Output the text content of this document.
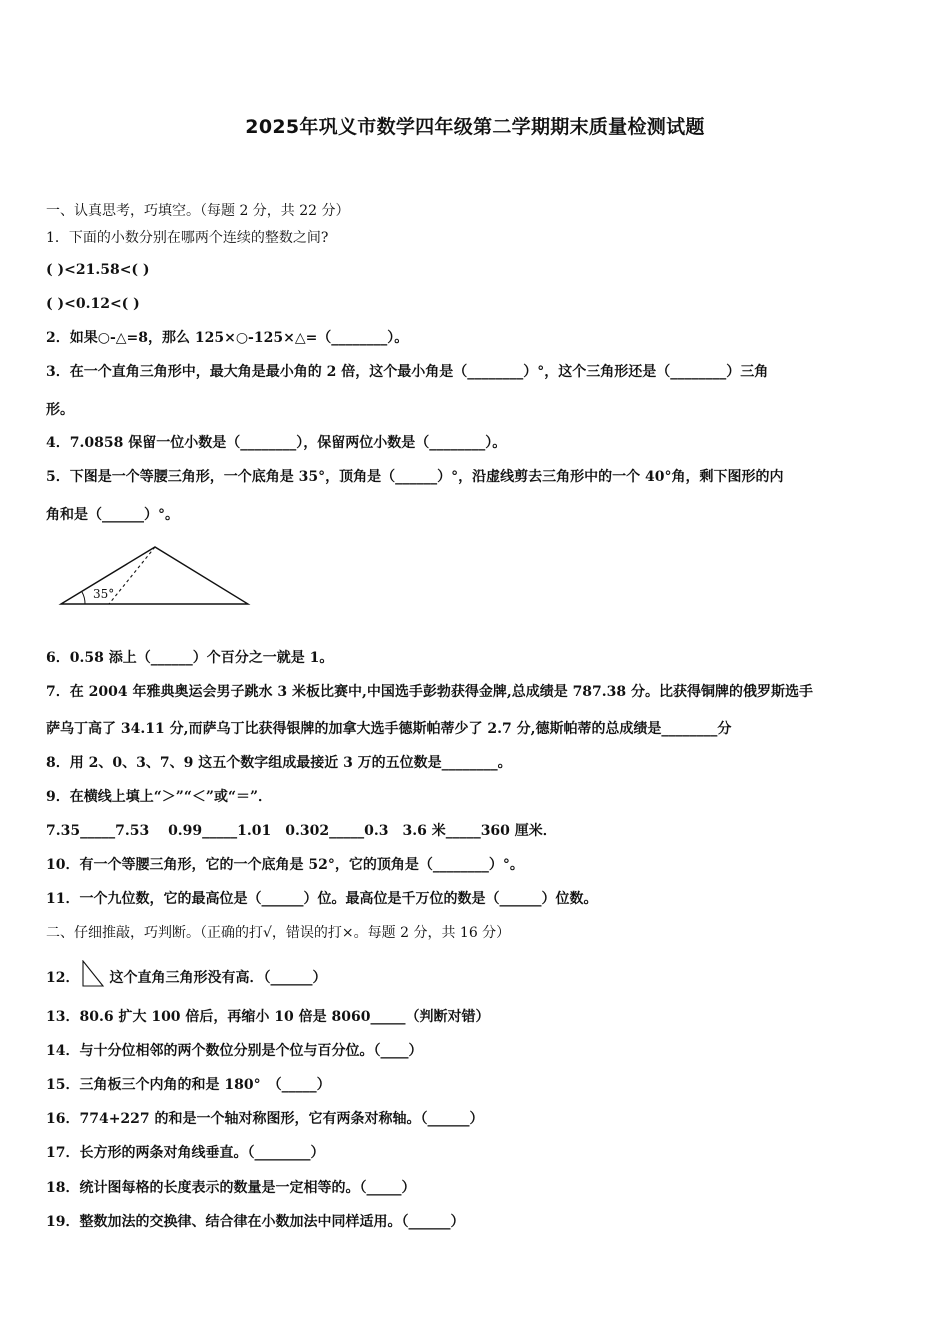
2025年巩义市数学四年级第二学期期末质量检测试题
一、认真思考，巧填空。（每题 2 分，共 22 分）
1．下面的小数分别在哪两个连续的整数之间?
( )<21.58<( )
( )<0.12<( )
2．如果○-△=8，那么 125×○-125×△=（________）。
3．在一个直角三角形中，最大角是最小角的 2 倍，这个最小角是（________）°，这个三角形还是（________）三角
形。
4．7.0858 保留一位小数是（________），保留两位小数是（________）。
5．下图是一个等腰三角形，一个底角是 35°，顶角是（______）°，沿虚线剪去三角形中的一个 40°角，剩下图形的内
角和是（______）°。
35°
6．0.58 添上（______）个百分之一就是 1。
7．在 2004 年雅典奥运会男子跳水 3 米板比赛中,中国选手彭勃获得金牌,总成绩是 787.38 分。比获得铜牌的俄罗斯选手
萨乌丁高了 34.11 分,而萨乌丁比获得银牌的加拿大选手德斯帕蒂少了 2.7 分,德斯帕蒂的总成绩是________分
8．用 2、0、3、7、9 这五个数字组成最接近 3 万的五位数是________。
9．在横线上填上“＞”“＜”或“＝”．
7.35_____7.53　 0.99_____1.01　0.302_____0.3　3.6 米_____360 厘米．
10．有一个等腰三角形，它的一个底角是 52°，它的顶角是（________）°。
11．一个九位数，它的最高位是（______）位。最高位是千万位的数是（______）位数。
二、仔细推敲，巧判断。（正确的打√，错误的打×。每题 2 分，共 16 分）
12． 这个直角三角形没有高．（______）
13．80.6 扩大 100 倍后，再缩小 10 倍是 8060_____（判断对错）
14．与十分位相邻的两个数位分别是个位与百分位。（____）
15．三角板三个内角的和是 180°　（_____）
16．774+227 的和是一个轴对称图形，它有两条对称轴。（______）
17．长方形的两条对角线垂直。（________）
18．统计图每格的长度表示的数量是一定相等的。（_____）
19．整数加法的交换律、结合律在小数加法中同样适用。（______）
